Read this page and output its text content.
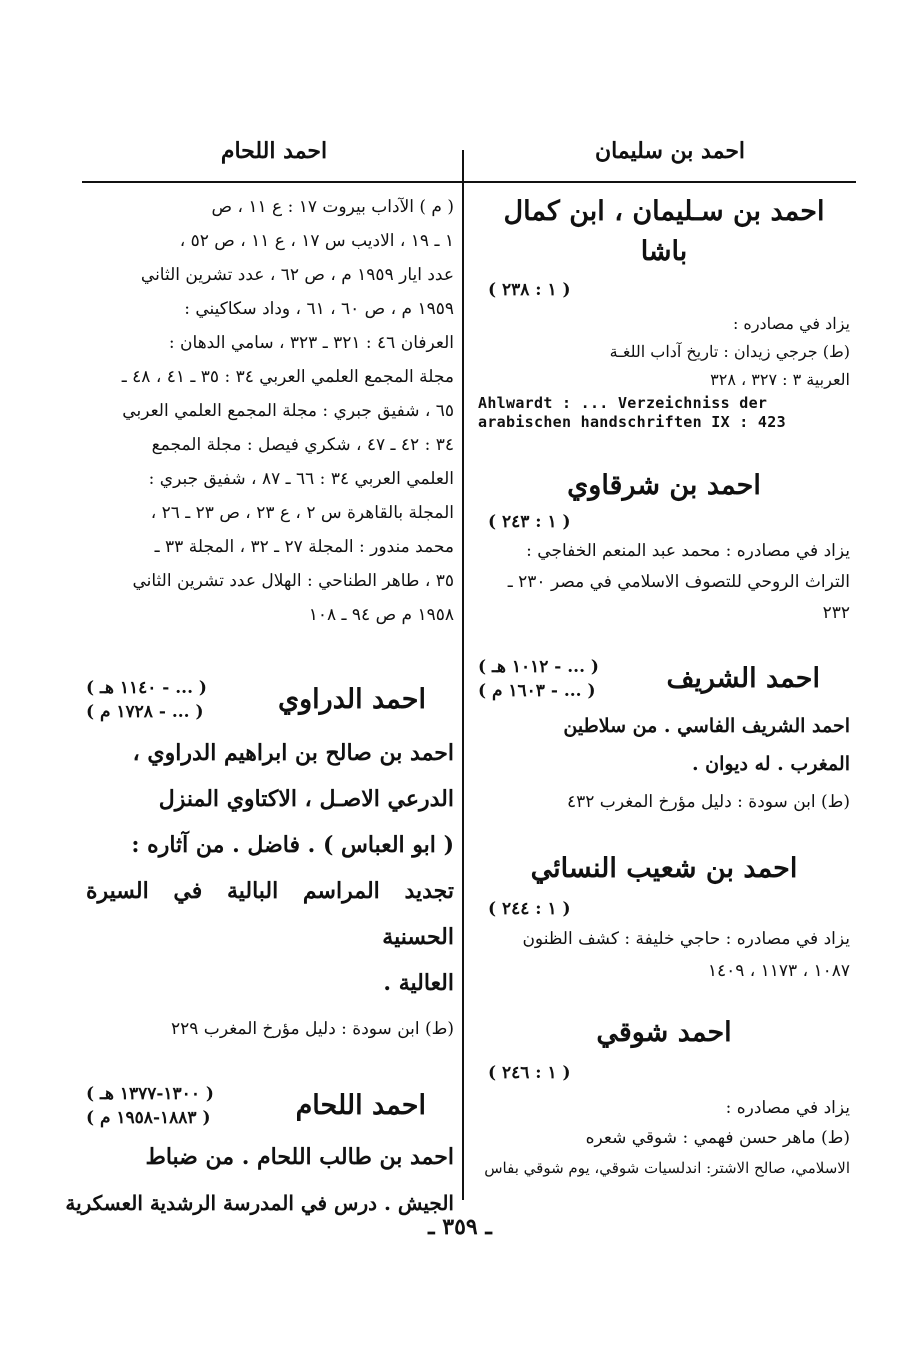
احمد بن سليمان
احمد اللحام
احمد بن سـليمان ، ابن كمال باشا
( ١ : ٢٣٨ )
يزاد في مصادره :
(ط) جرجي زيدان : تاريخ آداب اللغـة
العربية ٣ : ٣٢٧ ، ٣٢٨
Ahlwardt : ... Verzeichniss der arabischen handschriften IX : 423
احمد بن شرقاوي
( ١ : ٢٤٣ )
يزاد في مصادره : محمد عبد المنعم الخفاجي :
التراث الروحي للتصوف الاسلامي في مصر ٢٣٠ ـ
٢٣٢
احمد الشريف
( ... - ١٠١٢ هـ )
( ... - ١٦٠٣ م )
احمد الشريف الفاسي . من سلاطين
المغرب . له ديوان .
(ط) ابن سودة : دليل مؤرخ المغرب ٤٣٢
احمد بن شعيب النسائي
( ١ : ٢٤٤ )
يزاد في مصادره : حاجي خليفة : كشف الظنون
١٠٨٧ ، ١١٧٣ ، ١٤٠٩
احمد شوقي
( ١ : ٢٤٦ )
يزاد في مصادره :
(ط) ماهر حسن فهمي : شوقي شعره
الاسلامي، صالح الاشتر: اندلسيات شوقي، يوم شوقي بفاس
( م ) الآداب بيروت ١٧ : ع ١١ ، ص
١ ـ ١٩ ، الاديب س ١٧ ، ع ١١ ، ص ٥٢ ،
عدد ايار ١٩٥٩ م ، ص ٦٢ ، عدد تشرين الثاني
١٩٥٩ م ، ص ٦٠ ، ٦١ ، وداد سكاكيني :
العرفان ٤٦ : ٣٢١ ـ ٣٢٣ ، سامي الدهان :
مجلة المجمع العلمي العربي ٣٤ : ٣٥ ـ ٤١ ، ٤٨ ـ
٦٥ ، شفيق جبري : مجلة المجمع العلمي العربي
٣٤ : ٤٢ ـ ٤٧ ، شكري فيصل : مجلة المجمع
العلمي العربي ٣٤ : ٦٦ ـ ٨٧ ، شفيق جبري :
المجلة بالقاهرة س ٢ ، ع ٢٣ ، ص ٢٣ ـ ٢٦ ،
محمد مندور : المجلة ٢٧ ـ ٣٢ ، المجلة ٣٣ ـ
٣٥ ، طاهر الطناحي : الهلال عدد تشرين الثاني
١٩٥٨ م ص ٩٤ ـ ١٠٨
احمد الدراوي
( ... - ١١٤٠ هـ )
( ... - ١٧٢٨ م )
احمد بن صالح بن ابراهيم الدراوي ،
الدرعي الاصـل ، الاكتاوي المنزل
( ابو العباس ) . فاضل . من آثاره :
تجديد المراسم البالية في السيرة الحسنية
العالية .
(ط) ابن سودة : دليل مؤرخ المغرب ٢٢٩
احمد اللحام
( ١٣٠٠-١٣٧٧ هـ )
( ١٨٨٣-١٩٥٨ م )
احمد بن طالب اللحام . من ضباط
الجيش . درس في المدرسة الرشدية العسكرية
ـ ٣٥٩ ـ
